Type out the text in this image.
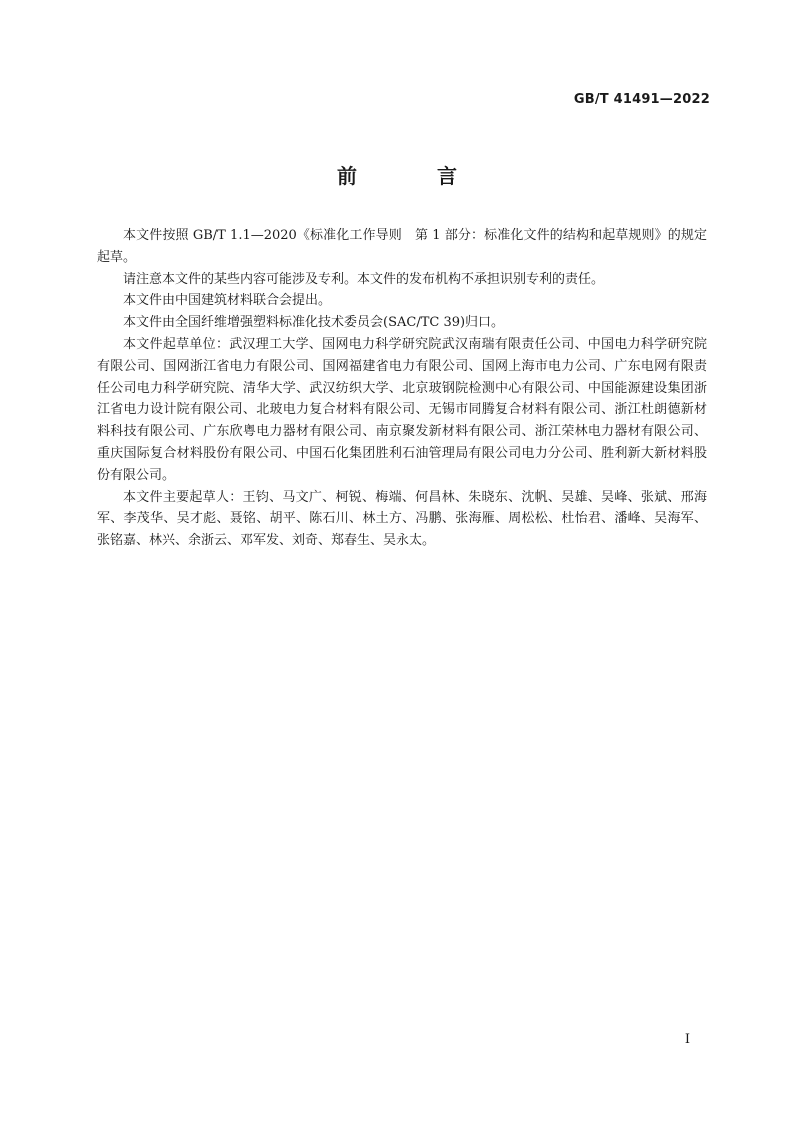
GB/T 41491—2022
前　言

本文件按照 GB/T 1.1—2020《标准化工作导则　第 1 部分：标准化文件的结构和起草规则》的规定起草。

请注意本文件的某些内容可能涉及专利。本文件的发布机构不承担识别专利的责任。

本文件由中国建筑材料联合会提出。

本文件由全国纤维增强塑料标准化技术委员会(SAC/TC 39)归口。

本文件起草单位：武汉理工大学、国网电力科学研究院武汉南瑞有限责任公司、中国电力科学研究院有限公司、国网浙江省电力有限公司、国网福建省电力有限公司、国网上海市电力公司、广东电网有限责任公司电力科学研究院、清华大学、武汉纺织大学、北京玻钢院检测中心有限公司、中国能源建设集团浙江省电力设计院有限公司、北玻电力复合材料有限公司、无锡市同腾复合材料有限公司、浙江杜朗德新材料科技有限公司、广东欣粤电力器材有限公司、南京聚发新材料有限公司、浙江荣林电力器材有限公司、重庆国际复合材料股份有限公司、中国石化集团胜利石油管理局有限公司电力分公司、胜利新大新材料股份有限公司。

本文件主要起草人：王钧、马文广、柯锐、梅端、何昌林、朱晓东、沈帆、吴雄、吴峰、张斌、邢海军、李茂华、吴才彪、聂铭、胡平、陈石川、林土方、冯鹏、张海雁、周松松、杜怡君、潘峰、吴海军、张铭嘉、林兴、余浙云、邓军发、刘奇、郑春生、吴永太。

I
